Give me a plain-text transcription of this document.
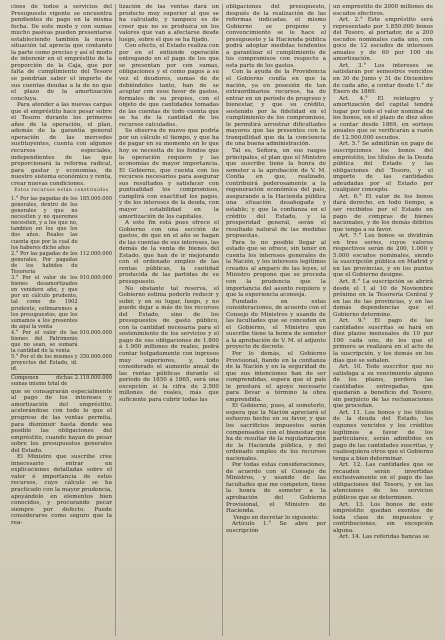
cioes de todos à servicios del Presupuesto vigente se encuentra pendientes de pago en la misma fecha. De este modo y con sumas mucho pasivas pueden presentarse estableciendo también la nueva situación tal aprecia que contando la parte como preciso y así el modo de interenir en el empréstito de la proporción de la Caja, que por falta de cumplimiento del Tesoro se pondrían saber el importe de sus cuentas deudas a la de no que el plazo de la amortización concluya.

Para atender a las nuevas cargas que el empréstito hace pesar sobre el Tesoro durante los primeros años de la operación, el plan, además de la garantía general operación de las mercedes sustituyentes, cuenta con algunos recursos especiales, independientes de las que proporcionará la reforma radical, para gastar y economías, de nuestro sistema económico y renta, crear nuevas condiciones.

Estos recursos están constituidos

1.° Por las pagadas de los generales, dentro de los generales y que no necesiten y no queremos necesiten, y a los que no, tambien en los que los dos años. Reales las cuenta que por la cual de los haberes dicho años
185.000.000
2.° Por las pagadas de los generales, Por pagadas de los habidos de Tesorería
112.000.000
3.° Por el valor de los bienes desamortizados en venidero año, y que por un cálculo prudente, tal como de 1902 prudente, estimaremos a los presupuestos, que los sumamos a los presentes de aquí la venta
910.000.000
4.° Por el valor de las bienes del Patrimonio que no sean, se sumará la cantidad de la venta
910.000.000
5.° Por el de los mismos y proyectos del Estado, id. id.
350.000.000
Componen dichas sumas mismo total de
2.119.000.000

que se consagrarán especialmente al pago de los intereses y amortización del empréstito; acelerándose con todo lo que el progreso de las ventas permita, para disminuir hasta donde sea posible las obligaciones del empréstito, cuando hayan de pesar sobre los presupuestos generales del Estado.

El Ministro que suscribe cree innecesario entrar en explicaciones detalladas sobre el valor é importancia de estos recursos, cuyo cálculo se ha practicado con la mayor prudencia, apoyándolo en elementos bien conocidos, y procurando pecar siempre por defecto. Puede considerarse como seguro que la rea-

lización de las ventas dará un producto muy superior al que se ha calculado, y tampoco es de creer que no se produzca en los valores que van a afectarse desde luego, sobre el que se ha fijado.

Con efecto, el Estado realiza con por en el entiende operación entregando en el pago de los que se presentan por con sumas, obligaciones y el como pagos a su vez el deudores, sumas de de debiéndoles tanto, han de se aceptar con esos favor de gastos, formales de su propios, con el objeto de que cantidades tomadas de las cuentas de todo cuenta que se ha de la cantidad de los recursos calculados.

Se observa de nuevo que podría por un cálculo el tiempo, y que ha de pagar en su momento en lo que hoy se necesita de los fondos que la operación requiere y las economías de mayor importancia. El Gobierno, que cuenta con los recursos necesarios para asegurar sus resultados y satisfacer con puntualidad los compromisos, cumplirá con exactitud los pagos, y de los intereses de la deuda, con mayor estabilidad en la amortización de los capitales.

A este fin está pues ofrece el Gobierno con una sección de gastos, de que en el año se hagan de las cuentas de sus intereses, las demás de la venta de bienes del Estado, que han de ir mejorando con el ordenado empleo de las rentas públicas, la cantidad producida de las partidas de su presupuesto.

No obstante tal reserva, el Gobierno estima poderlo reducir y subir, y en su lugar, luego, y no puede dejar a más de los recursos del Estado, sino de los presupuestos de gasto público, con la cantidad necesaria para el sostenimiento de los servicios y el pago de sus obligaciones de 1.800 á 1.900 millones de reales, podrá contar holgadamente con ingresos muy superiores, y, todo considerado el aumento anual de las rentas públicas durante el período de 1850 á 1865, será una excepción si la cifra de 2.500 millones de reales, más que suficiente para cubrir todas las

obligaciones del presupuesto, después de la realización de las reformas indicadas, el mismo Gobierno se propone y convencimiento se le hace el presupuesto y la Hacienda pública podrá adoptar medidas tendentes a garantizar el cumplimiento de los compromisos con respecto a esta parte de los gastos.

Con la ayuda de la Providencia el Gobierno confía en que la nación, ya en posesión de tan extraordinarios recursos, ha de entrar en un período de progreso y bienestar, y que su crédito, sostenido por la fidelidad en el cumplimiento de los compromisos, le permitirá arrostrar dificultades mayores que las presentes con la tranquilidad que da la conciencia de una buena administración.

Tal es, Señora, en sus rasgos principales, el plan que el Ministro que suscribe tiene la honra de someter a la aprobación de V. M. Confía en que, realizado, contribuirá poderosamente a la regeneración económica del país, asegurando a la Hacienda pública una situación desahogada y estable; y que la confianza en el crédito del Estado, y la prosperidad general, serán el resultado natural de las medidas propuestas.

Para lo no posible llegar al estado que se ofrece, sin tener en cuenta los intereses generales de la Nación, y los intereses legítimos creados al amparo de las leyes, el Ministro propone que se proceda con la prudencia que la importancia del asunto requiere y que la experiencia aconseja.

Fundado en estas consideraciones, de acuerdo con el Consejo de Ministros y usando de las facultades que se conceden en el Gobierno, el Ministro que suscribe tiene la honra de someter a la aprobación de V. M. el adjunto proyecto de decreto.

Por lo demás, el Gobierno Provisional, fiando en la confianza de la Nación y en la seguridad de que sus intenciones han de ser comprendidas, espera que el país le prestará el apoyo necesario para llevar a término la obra emprendida.

El Gobierno, pues, al someterlo, espera que la Nación apreciará el esfuerzo hecho en su favor, y que los sacrificios impuestos serán compensados con el bienestar que ha de resultar de la regularización de la Hacienda pública, y del ordenado empleo de los recursos nacionales.

Por todas estas consideraciones, de acuerdo con el Consejo de Ministros, y usando de las facultades que me competen, tiene la honra de someter a la aprobación del Gobierno Provisional, el Ministro de Hacienda.

Vengo en decretar lo siguiente:

Artículo 1.° Se abre por suscripción

un empréstito de 2000 millones de escudos efectivos.

Art. 2.° Este empréstito será representado por 1.850.000 bonos del Tesoro, al portador, de a 200 escudos nominales cada uno, con goce de 12 escudos de intereses anuales y de 60 por 100 de amortización.

Art. 3.° Los intereses se satisfarán por semestres vencidos en 30 de Junio y 31 de Diciembre de cada año, a contar desde 1.° de Enero de 1869.

Art. 4.° El reintegro y amortización del capital tendrá lugar por todo el valor nominal de los bonos, en el plazo de diez años a contar desde 1869, en sorteos anuales que se verificarán a razón de 12.500.000 escudos.

Art. 5.° Se admitirán en pago de suscripciones los bonos del empréstito, los títulos de la Deuda pública del Estado y las obligaciones del Tesoro, y el importe de las cantidades adeudadas por el Estado por cualquier concepto.

Art. 6.° El valor de los bonos dará derecho, en todo tiempo, a ser recibidos por el Estado en pago de compras de bienes nacionales, y de los demás débitos que tenga a su favor.

Art. 7.° Los bonos se dividirán en tres series, cuyos valores respectivos serán de 200, 1.000 y 5.000 escudos nominales, siendo la suscripción pública en Madrid y en las provincias, y en los puntos que el Gobierno designe.

Art. 8.° La suscripción se abrirá desde el 1 al 10 de Noviembre próximo en la Tesorería Central y en las de las provincias, y en las demás dependencias que el Gobierno determine.

Art. 9.° El pago de las cantidades suscritas se hará en diez plazos mensuales de 10 por 100 cada uno, de los que el primero se realizará en el acto de la suscripción, y los demás en los días que se señalen.

Art. 10. Todo suscritor que no satisfaga a su vencimiento alguno de los plazos, perderá las cantidades entregadas, que quedarán a beneficio del Tesoro, sin perjuicio de las reclamaciones que procedan.

Art. 11. Los bonos y los títulos de la deuda del Estado, los cupones vencidos y los créditos legítimos a favor de los particulares, serán admitidos en pago de las cantidades suscritas, y cualesquiera otros que el Gobierno tenga a bien determinar.

Art. 12. Las cantidades que se recauden serán invertidas exclusivamente en el pago de las obligaciones del Tesoro, y en las atenciones de los servicios públicos que se determinen.

Art. 13. Los bonos de este empréstito quedan exentos de toda clase de impuestos y contribuciones, sin excepción alguna.

Art. 14. Las referidas bancas se
